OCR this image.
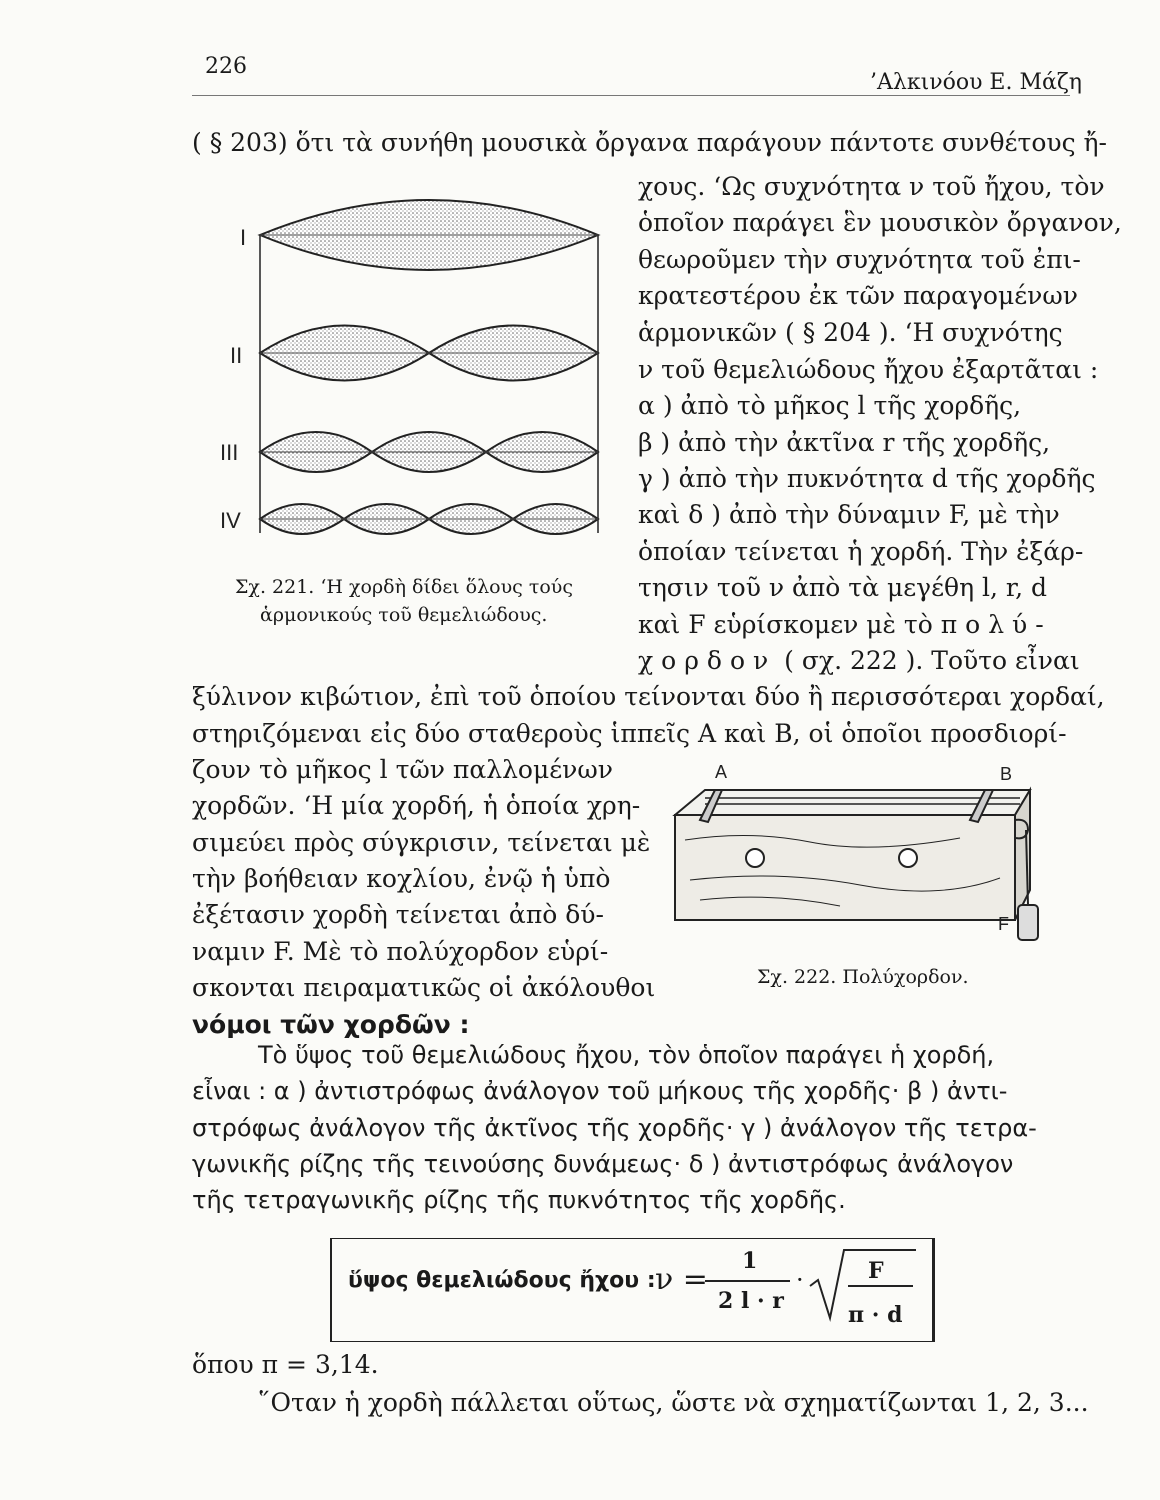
226
’Αλκινόου Ε. Μάζη
( § 203) ὅτι τὰ συνήθη μουσικὰ ὄργανα παράγουν πάντοτε συνθέτους ἤ-
I
II
III
IV
Σχ. 221. ‘Η χορδὴ δίδει ὅλους τούς
ἁρμονικούς τοῦ θεμελιώδους.
χους. ‘Ως συχνότητα ν τοῦ ἤχου, τὸν
ὁποῖον παράγει ἓν μουσικὸν ὄργανον,
θεωροῦμεν τὴν συχνότητα τοῦ ἐπι-
κρατεστέρου ἐκ τῶν παραγομένων
ἁρμονικῶν ( § 204 ). ‘Η συχνότης
ν τοῦ θεμελιώδους ἤχου ἐξαρτᾶται :
α ) ἀπὸ τὸ μῆκος l τῆς χορδῆς,
β ) ἀπὸ τὴν ἀκτῖνα r τῆς χορδῆς,
γ ) ἀπὸ τὴν πυκνότητα d τῆς χορδῆς
καὶ δ ) ἀπὸ τὴν δύναμιν F, μὲ τὴν
ὁποίαν τείνεται ἡ χορδή. Τὴν ἐξάρ-
τησιν τοῦ ν ἀπὸ τὰ μεγέθη l, r, d
καὶ F εὑρίσκομεν μὲ τὸ πολύ-
χορδον ( σχ. 222 ). Τοῦτο εἶναι
ξύλινον κιβώτιον, ἐπὶ τοῦ ὁποίου τείνονται δύο ἢ περισσότεραι χορδαί,
στηριζόμεναι εἰς δύο σταθεροὺς ἱππεῖς A καὶ B, οἱ ὁποῖοι προσδιορί-
ζουν τὸ μῆκος l τῶν παλλομένων
χορδῶν. ‘Η μία χορδή, ἡ ὁποία χρη-
σιμεύει πρὸς σύγκρισιν, τείνεται μὲ
τὴν βοήθειαν κοχλίου, ἐνῷ ἡ ὑπὸ
ἐξέτασιν χορδὴ τείνεται ἀπὸ δύ-
ναμιν F. Μὲ τὸ πολύχορδον εὑρί-
σκονται πειραματικῶς οἱ ἀκόλουθοι
νόμοι τῶν χορδῶν :
A	B
F
Σχ. 222. Πολύχορδον.
Τὸ ὕψος τοῦ θεμελιώδους ἤχου, τὸν ὁποῖον παράγει ἡ χορδή,
εἶναι : α ) ἀντιστρόφως ἀνάλογον τοῦ μήκους τῆς χορδῆς· β ) ἀντι-
στρόφως ἀνάλογον τῆς ἀκτῖνος τῆς χορδῆς· γ ) ἀνάλογον τῆς τετρα-
γωνικῆς ρίζης τῆς τεινούσης δυνάμεως· δ ) ἀντιστρόφως ἀνάλογον
τῆς τετραγωνικῆς ρίζης τῆς πυκνότητος τῆς χορδῆς.
ὕψος θεμελιώδους ἤχου : ν =
1
2 l · r
·	F
π · d
ὅπου π = 3,14.
῞Οταν ἡ χορδὴ πάλλεται οὕτως, ὥστε νὰ σχηματίζωνται 1, 2, 3...
